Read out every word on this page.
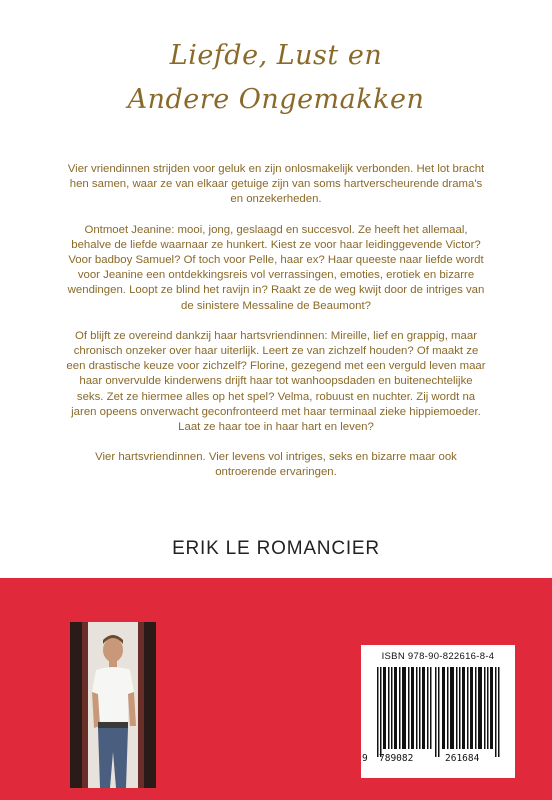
Liefde, Lust en
Andere Ongemakken

Vier vriendinnen strijden voor geluk en zijn onlosmakelijk verbonden. Het lot bracht hen samen, waar ze van elkaar getuige zijn van soms hartverscheurende drama's en onzekerheden.

Ontmoet Jeanine: mooi, jong, geslaagd en succesvol. Ze heeft het allemaal, behalve de liefde waarnaar ze hunkert. Kiest ze voor haar leidinggevende Victor? Voor badboy Samuel? Of toch voor Pelle, haar ex? Haar queeste naar liefde wordt voor Jeanine een ontdekkingsreis vol verrassingen, emoties, erotiek en bizarre wendingen. Loopt ze blind het ravijn in? Raakt ze de weg kwijt door de intriges van de sinistere Messaline de Beaumont?

Of blijft ze overeind dankzij haar hartsvriendinnen: Mireille, lief en grappig, maar chronisch onzeker over haar uiterlijk. Leert ze van zichzelf houden? Of maakt ze een drastische keuze voor zichzelf? Florine, gezegend met een verguld leven maar haar onvervulde kinderwens drijft haar tot wanhoopsdaden en buitenechtelijke seks. Zet ze hiermee alles op het spel? Velma, robuust en nuchter. Zij wordt na jaren opeens onverwacht geconfronteerd met haar terminaal zieke hippiemoeder. Laat ze haar toe in haar hart en leven?

Vier hartsvriendinnen. Vier levens vol intriges, seks en bizarre maar ook ontroerende ervaringen.

ERIK LE ROMANCIER
ISBN 978-90-822616-8-4
9 789082	261684
